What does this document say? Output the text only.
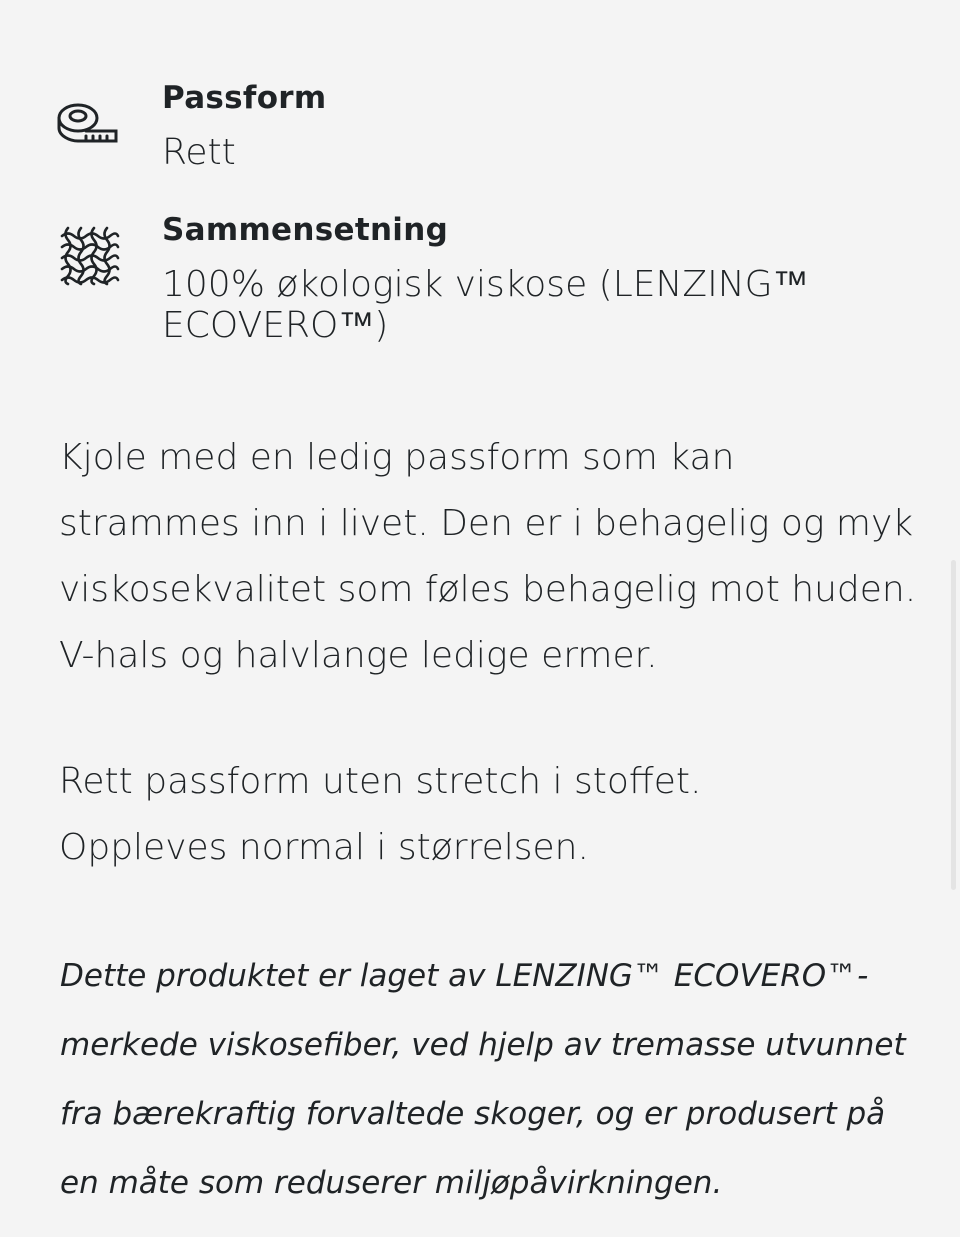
Passform
Rett
Sammensetning
100% økologisk viskose (LENZING™
ECOVERO™)

Kjole med en ledig passform som kan

strammes inn i livet. Den er i behagelig og myk

viskosekvalitet som føles behagelig mot huden.

V-hals og halvlange ledige ermer.

Rett passform uten stretch i stoffet.

Oppleves normal i størrelsen.

Dette produktet er laget av LENZING™ ECOVERO™-

merkede viskosefiber, ved hjelp av tremasse utvunnet

fra bærekraftig forvaltede skoger, og er produsert på

en måte som reduserer miljøpåvirkningen.
